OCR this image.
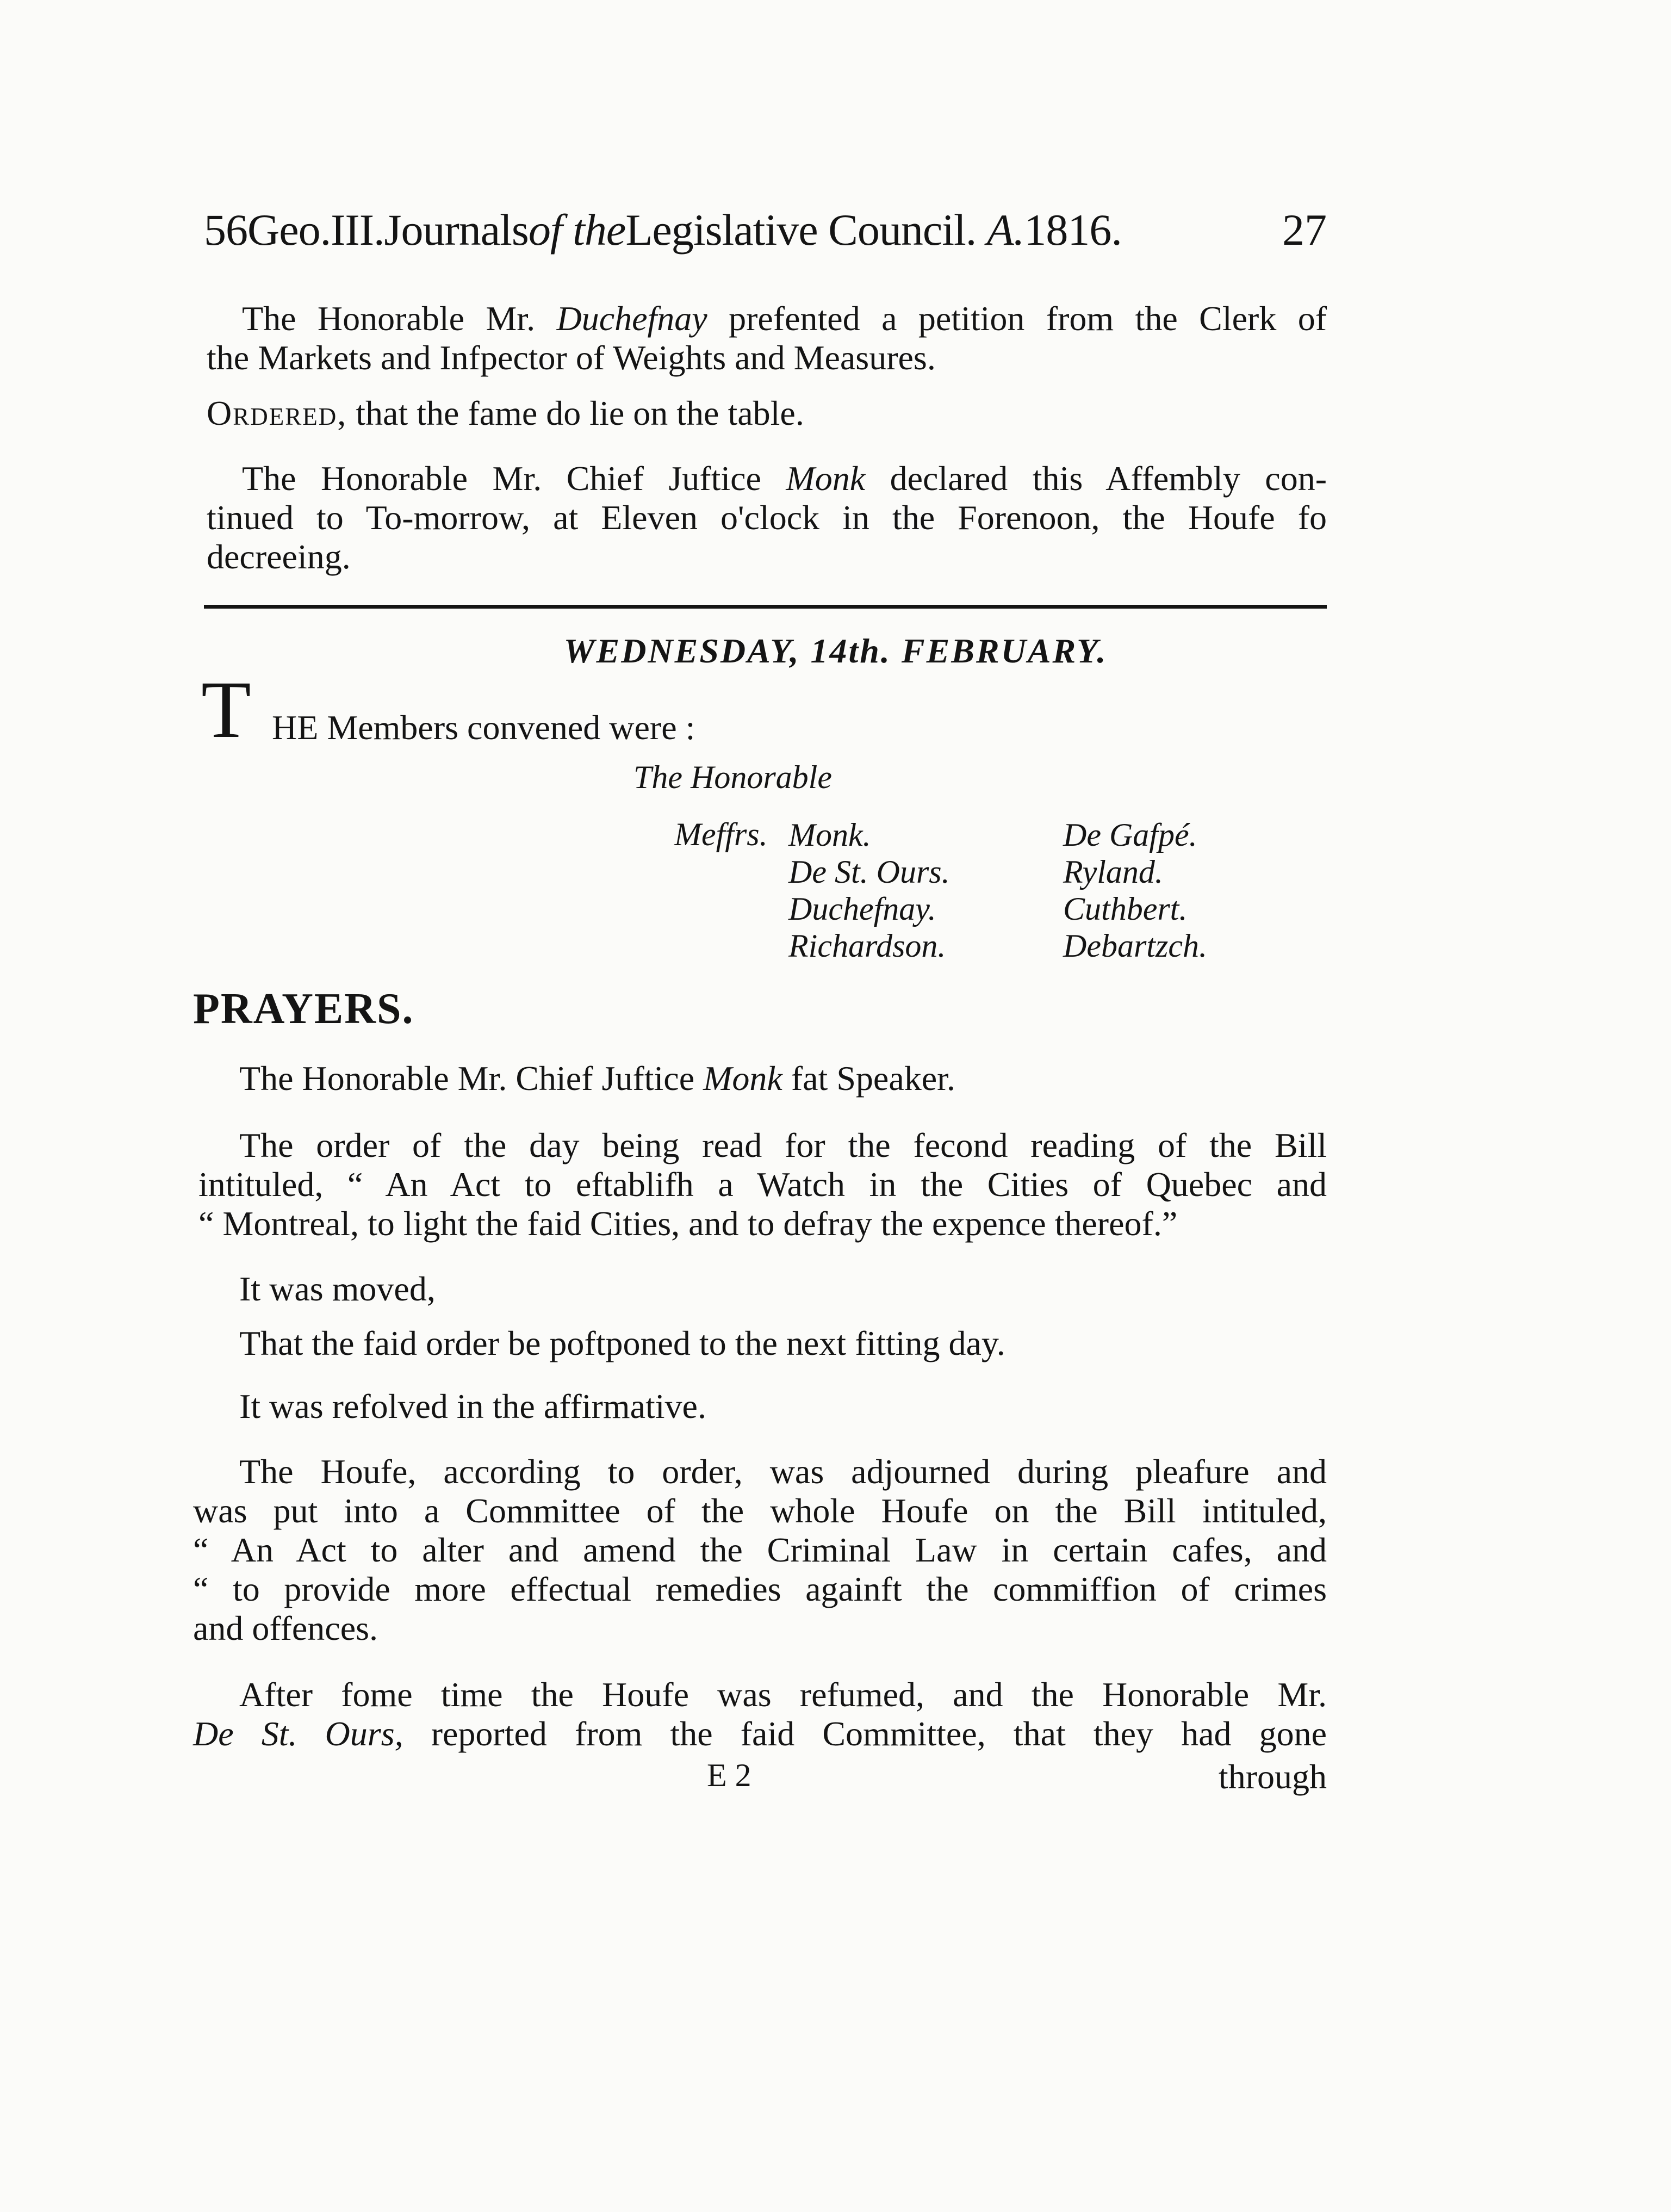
56Geo.III.Journalsof theLegislative Council. A.1816.	27
The Honorable Mr. Duchefnay prefented a petition from the Clerk of
the Markets and Infpector of Weights and Measures.
Ordered, that the fame do lie on the table.
The Honorable Mr. Chief Juftice Monk declared this Affembly con-
tinued to To-morrow, at Eleven o'clock in the Forenoon, the Houfe fo
decreeing.
WEDNESDAY, 14th. FEBRUARY.
T HE Members convened were :
The Honorable
Meffrs. Monk.
De St. Ours.
Duchefnay.
Richardson.
De Gafpé.
Ryland.
Cuthbert.
Debartzch.
PRAYERS.
The Honorable Mr. Chief Juftice Monk fat Speaker.
The order of the day being read for the fecond reading of the Bill
intituled, “ An Act to eftablifh a Watch in the Cities of Quebec and
“ Montreal, to light the faid Cities, and to defray the expence thereof.”
It was moved,
That the faid order be poftponed to the next fitting day.
It was refolved in the affirmative.
The Houfe, according to order, was adjourned during pleafure and
was put into a Committee of the whole Houfe on the Bill intituled,
“ An Act to alter and amend the Criminal Law in certain cafes, and
“ to provide more effectual remedies againft the commiffion of crimes
and offences.
After fome time the Houfe was refumed, and the Honorable Mr.
De St. Ours, reported from the faid Committee, that they had gone
E 2	through
